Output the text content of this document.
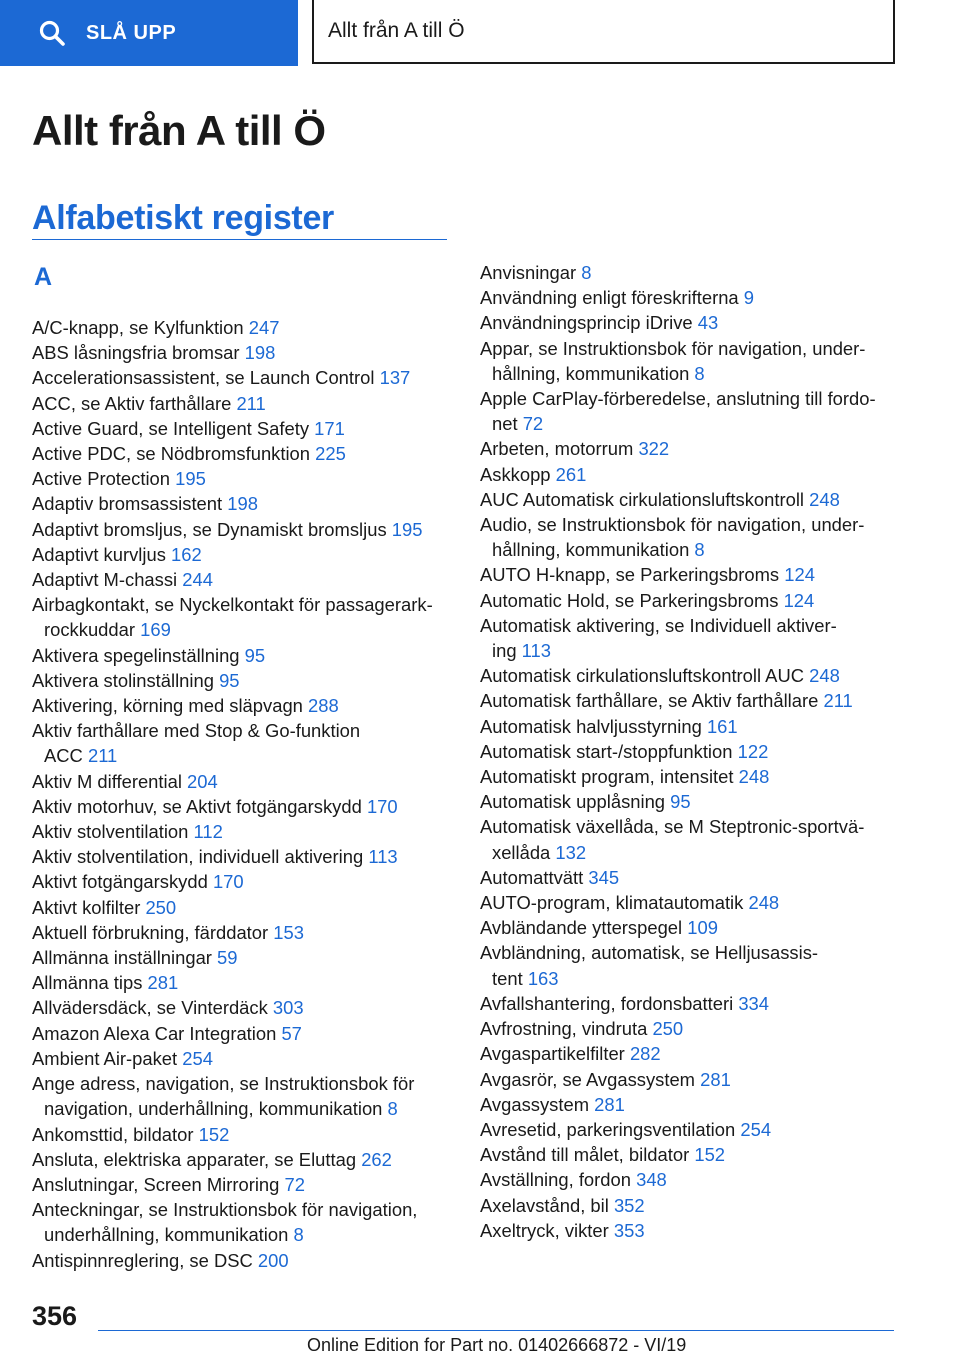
SLÅ UPP	Allt från A till Ö
Allt från A till Ö
Alfabetiskt register
A

A/C-knapp, se Kylfunktion 247

ABS låsningsfria bromsar 198

Accelerationsassistent, se Launch Control 137

ACC, se Aktiv farthållare 211

Active Guard, se Intelligent Safety 171

Active PDC, se Nödbromsfunktion 225

Active Protection 195

Adaptiv bromsassistent 198

Adaptivt bromsljus, se Dynamiskt bromsljus 195

Adaptivt kurvljus 162

Adaptivt M-chassi 244

Airbagkontakt, se Nyckelkontakt för passagerark‐
rockkuddar 169

Aktivera spegelinställning 95

Aktivera stolinställning 95

Aktivering, körning med släpvagn 288

Aktiv farthållare med Stop & Go-funktion
ACC 211

Aktiv M differential 204

Aktiv motorhuv, se Aktivt fotgängarskydd 170

Aktiv stolventilation 112

Aktiv stolventilation, individuell aktivering 113

Aktivt fotgängarskydd 170

Aktivt kolfilter 250

Aktuell förbrukning, färddator 153

Allmänna inställningar 59

Allmänna tips 281

Allvädersdäck, se Vinterdäck 303

Amazon Alexa Car Integration 57

Ambient Air-paket 254

Ange adress, navigation, se Instruktionsbok för
navigation, underhållning, kommunikation 8

Ankomsttid, bildator 152

Ansluta, elektriska apparater, se Eluttag 262

Anslutningar, Screen Mirroring 72

Anteckningar, se Instruktionsbok för navigation,
underhållning, kommunikation 8

Antispinnreglering, se DSC 200

Anvisningar 8

Användning enligt föreskrifterna 9

Användningsprincip iDrive 43

Appar, se Instruktionsbok för navigation, under‐
hållning, kommunikation 8

Apple CarPlay-förberedelse, anslutning till fordo‐
net 72

Arbeten, motorrum 322

Askkopp 261

AUC Automatisk cirkulationsluftskontroll 248

Audio, se Instruktionsbok för navigation, under‐
hållning, kommunikation 8

AUTO H-knapp, se Parkeringsbroms 124

Automatic Hold, se Parkeringsbroms 124

Automatisk aktivering, se Individuell aktiver‐
ing 113

Automatisk cirkulationsluftskontroll AUC 248

Automatisk farthållare, se Aktiv farthållare 211

Automatisk halvljusstyrning 161

Automatisk start-/stoppfunktion 122

Automatiskt program, intensitet 248

Automatisk upplåsning 95

Automatisk växellåda, se M Steptronic-sportvä‐
xellåda 132

Automattvätt 345

AUTO-program, klimatautomatik 248

Avbländande ytterspegel 109

Avbländning, automatisk, se Helljusassis‐
tent 163

Avfallshantering, fordonsbatteri 334

Avfrostning, vindruta 250

Avgaspartikelfilter 282

Avgasrör, se Avgassystem 281

Avgassystem 281

Avresetid, parkeringsventilation 254

Avstånd till målet, bildator 152

Avställning, fordon 348

Axelavstånd, bil 352

Axeltryck, vikter 353

356
Online Edition for Part no. 01402666872 - VI/19
